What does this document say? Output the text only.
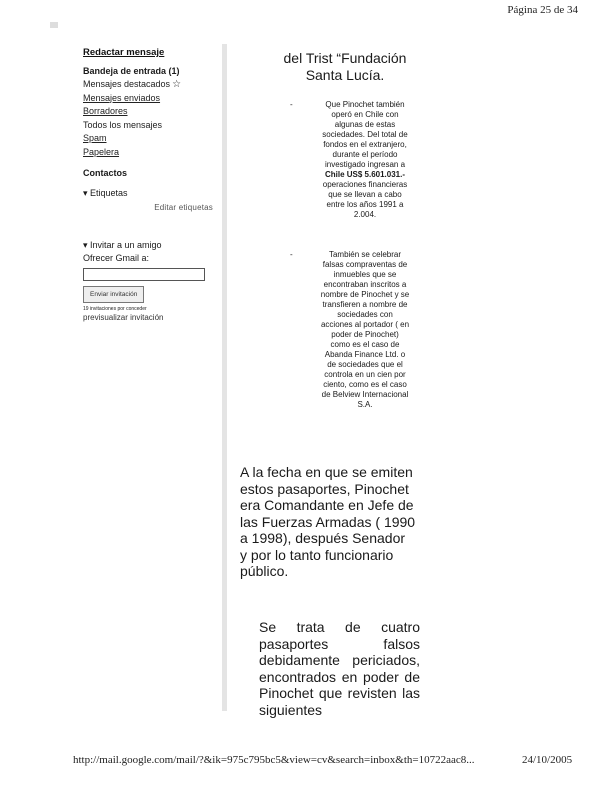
Página 25 de 34
Redactar mensaje
Bandeja de entrada (1)
Mensajes destacados ☆
Mensajes enviados
Borradores
Todos los mensajes
Spam
Papelera
Contactos
▾ Etiquetas
Editar etiquetas
▾ Invitar a un amigo
Ofrecer Gmail a:
Enviar invitación
19 invitaciones por conceder
previsualizar invitación
del Trist “Fundación
Santa Lucía.
-	Que Pinochet también
operó en Chile con
algunas de estas
sociedades. Del total de
fondos en el extranjero,
durante el período
investigado ingresan a
Chile US$ 5.601.031.-
operaciones financieras
que se llevan a cabo
entre los años 1991 a
2.004.
-	También se celebrar
falsas compraventas de
inmuebles que se
encontraban inscritos a
nombre de Pinochet y se
transfieren a nombre de
sociedades con
acciones al portador ( en
poder de Pinochet)
como es el caso de
Abanda Finance Ltd. o
de sociedades que el
controla en un cien por
ciento, como es el caso
de Belview Internacional
S.A.
A la fecha en que se emiten
estos pasaportes, Pinochet
era Comandante en Jefe de
las Fuerzas Armadas ( 1990
a 1998), después Senador
y por lo tanto funcionario
público.
Se trata de cuatro
pasaportes falsos
debidamente periciados,
encontrados en poder de
Pinochet que revisten las
siguientes
http://mail.google.com/mail/?&ik=975c795bc5&view=cv&search=inbox&th=10722aac8...	24/10/2005
